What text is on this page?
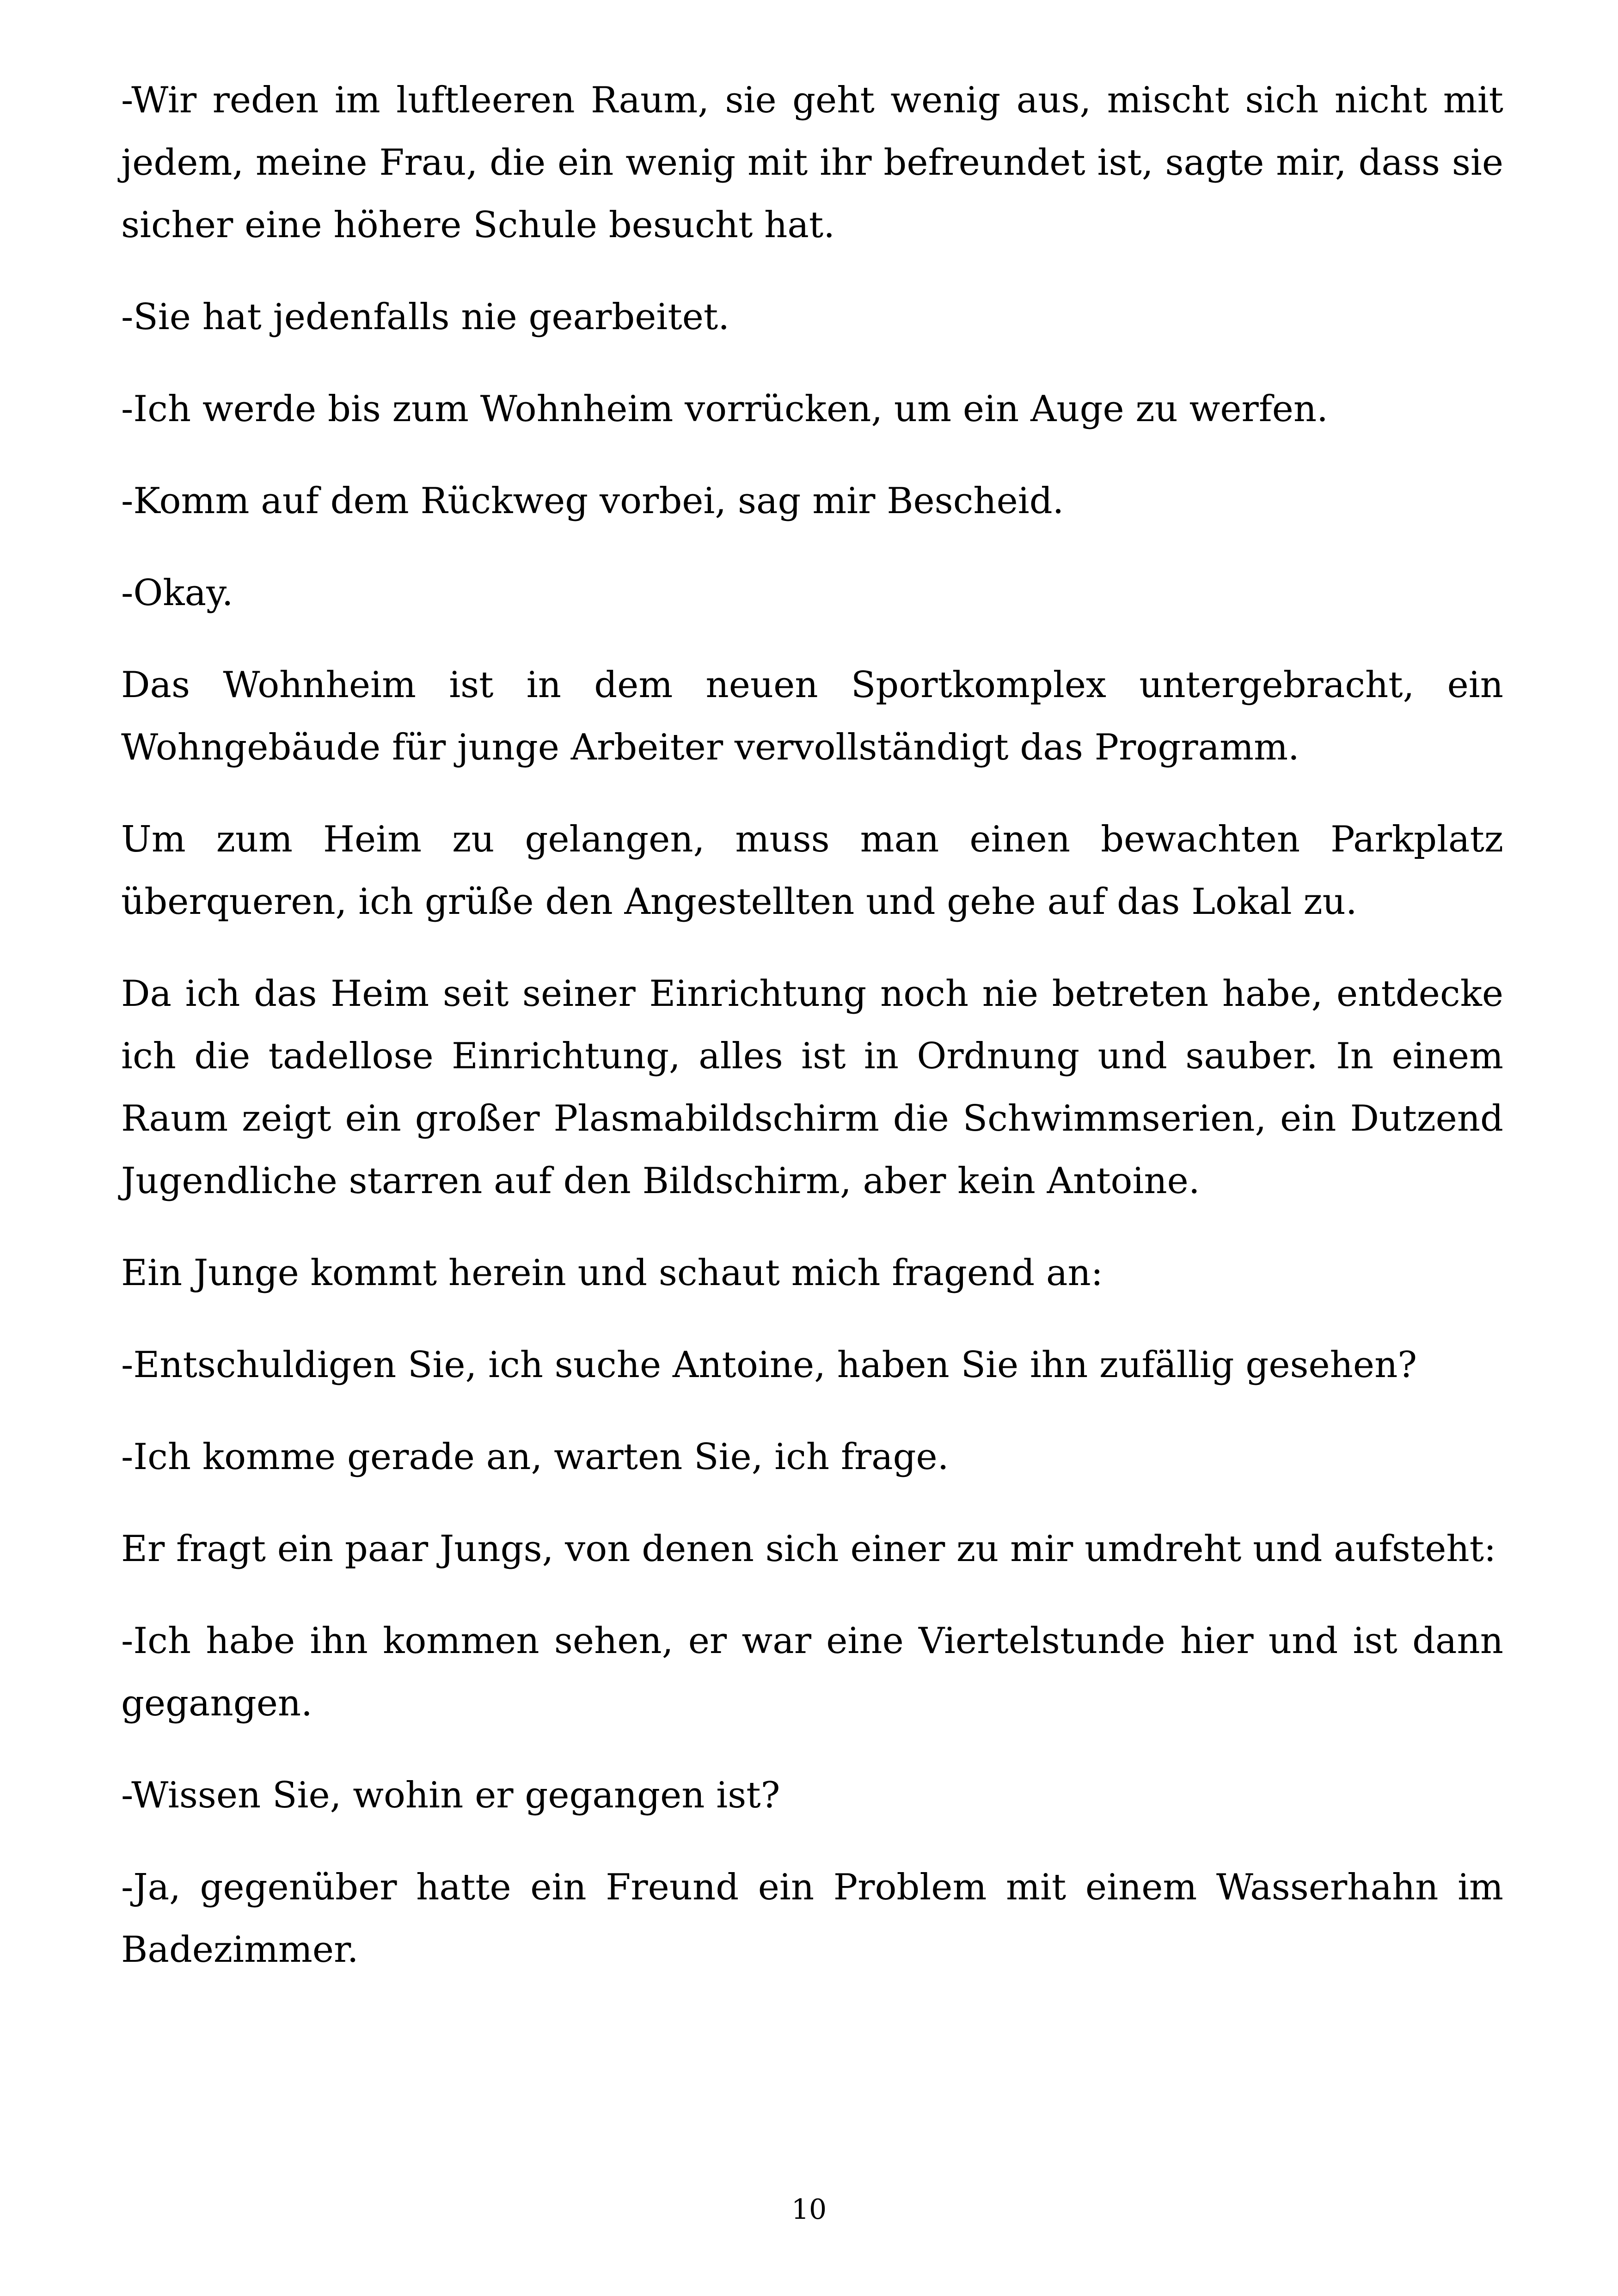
-Wir reden im luftleeren Raum, sie geht wenig aus, mischt sich nicht mit jedem, meine Frau, die ein wenig mit ihr befreundet ist, sagte mir, dass sie sicher eine höhere Schule besucht hat.

-Sie hat jedenfalls nie gearbeitet.

-Ich werde bis zum Wohnheim vorrücken, um ein Auge zu werfen.

-Komm auf dem Rückweg vorbei, sag mir Bescheid.

-Okay.

Das Wohnheim ist in dem neuen Sportkomplex untergebracht, ein Wohngebäude für junge Arbeiter vervollständigt das Programm.

Um zum Heim zu gelangen, muss man einen bewachten Parkplatz überqueren, ich grüße den Angestellten und gehe auf das Lokal zu.

Da ich das Heim seit seiner Einrichtung noch nie betreten habe, entdecke ich die tadellose Einrichtung, alles ist in Ordnung und sauber. In einem Raum zeigt ein großer Plasmabildschirm die Schwimmserien, ein Dutzend Jugendliche starren auf den Bildschirm, aber kein Antoine.

Ein Junge kommt herein und schaut mich fragend an:

-Entschuldigen Sie, ich suche Antoine, haben Sie ihn zufällig gesehen?

-Ich komme gerade an, warten Sie, ich frage.

Er fragt ein paar Jungs, von denen sich einer zu mir umdreht und aufsteht:

-Ich habe ihn kommen sehen, er war eine Viertelstunde hier und ist dann gegangen.

-Wissen Sie, wohin er gegangen ist?

-Ja, gegenüber hatte ein Freund ein Problem mit einem Wasserhahn im Badezimmer.

10
